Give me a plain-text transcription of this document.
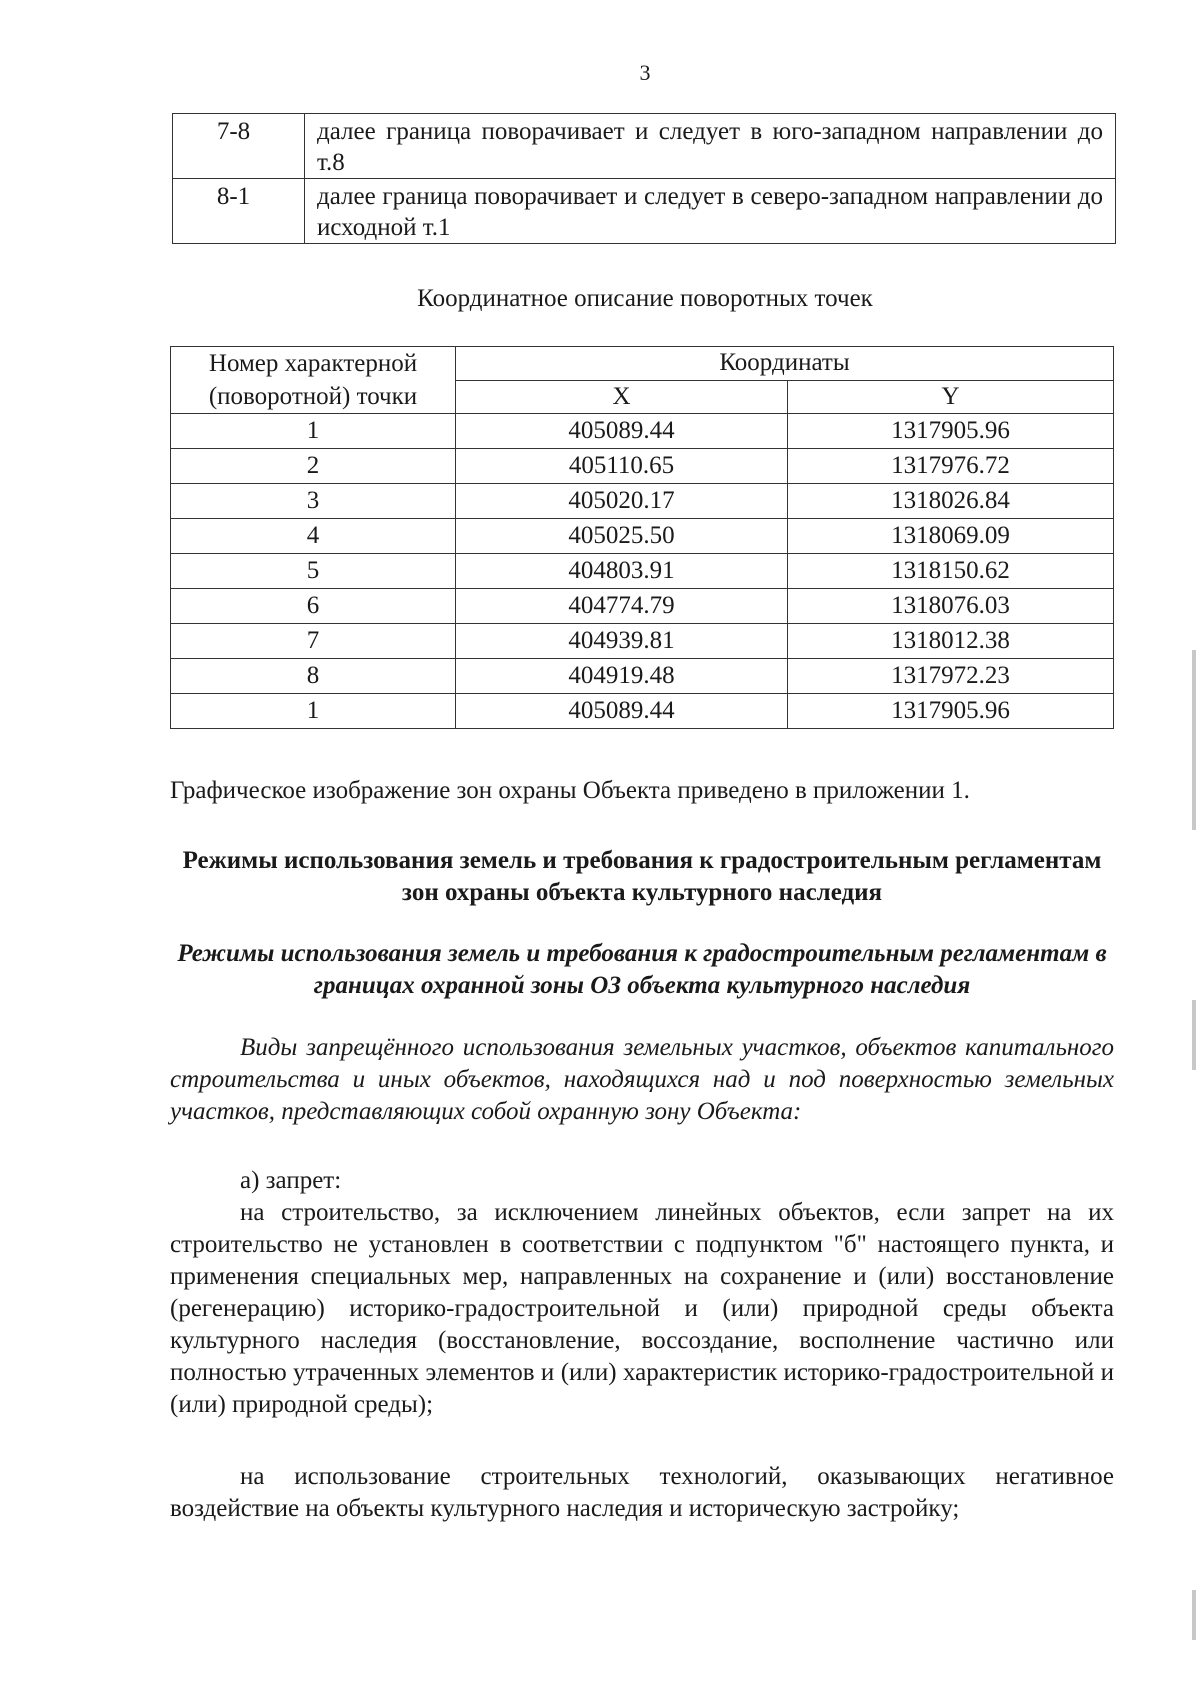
3
7-8	далее граница поворачивает и следует в юго-западном направлении до т.8
8-1	далее граница поворачивает и следует в северо-западном направлении до исходной т.1
Координатное описание поворотных точек
Номер характерной (поворотной) точки	Координаты	
	X	Y
1	405089.44	1317905.96
2	405110.65	1317976.72
3	405020.17	1318026.84
4	405025.50	1318069.09
5	404803.91	1318150.62
6	404774.79	1318076.03
7	404939.81	1318012.38
8	404919.48	1317972.23
1	405089.44	1317905.96
Графическое изображение зон охраны Объекта приведено в приложении 1.
Режимы использования земель и требования к градостроительным регламентам зон охраны объекта культурного наследия
Режимы использования земель и требования к градостроительным регламентам в границах охранной зоны ОЗ объекта культурного наследия
Виды запрещённого использования земельных участков, объектов капитального строительства и иных объектов, находящихся над и под поверхностью земельных участков, представляющих собой охранную зону Объекта:
а) запрет:
на строительство, за исключением линейных объектов, если запрет на их строительство не установлен в соответствии с подпунктом "б" настоящего пункта, и применения специальных мер, направленных на сохранение и (или) восстановление (регенерацию) историко-градостроительной и (или) природной среды объекта культурного наследия (восстановление, воссоздание, восполнение частично или полностью утраченных элементов и (или) характеристик историко-градостроительной и (или) природной среды);
на использование строительных технологий, оказывающих негативное воздействие на объекты культурного наследия и историческую застройку;
